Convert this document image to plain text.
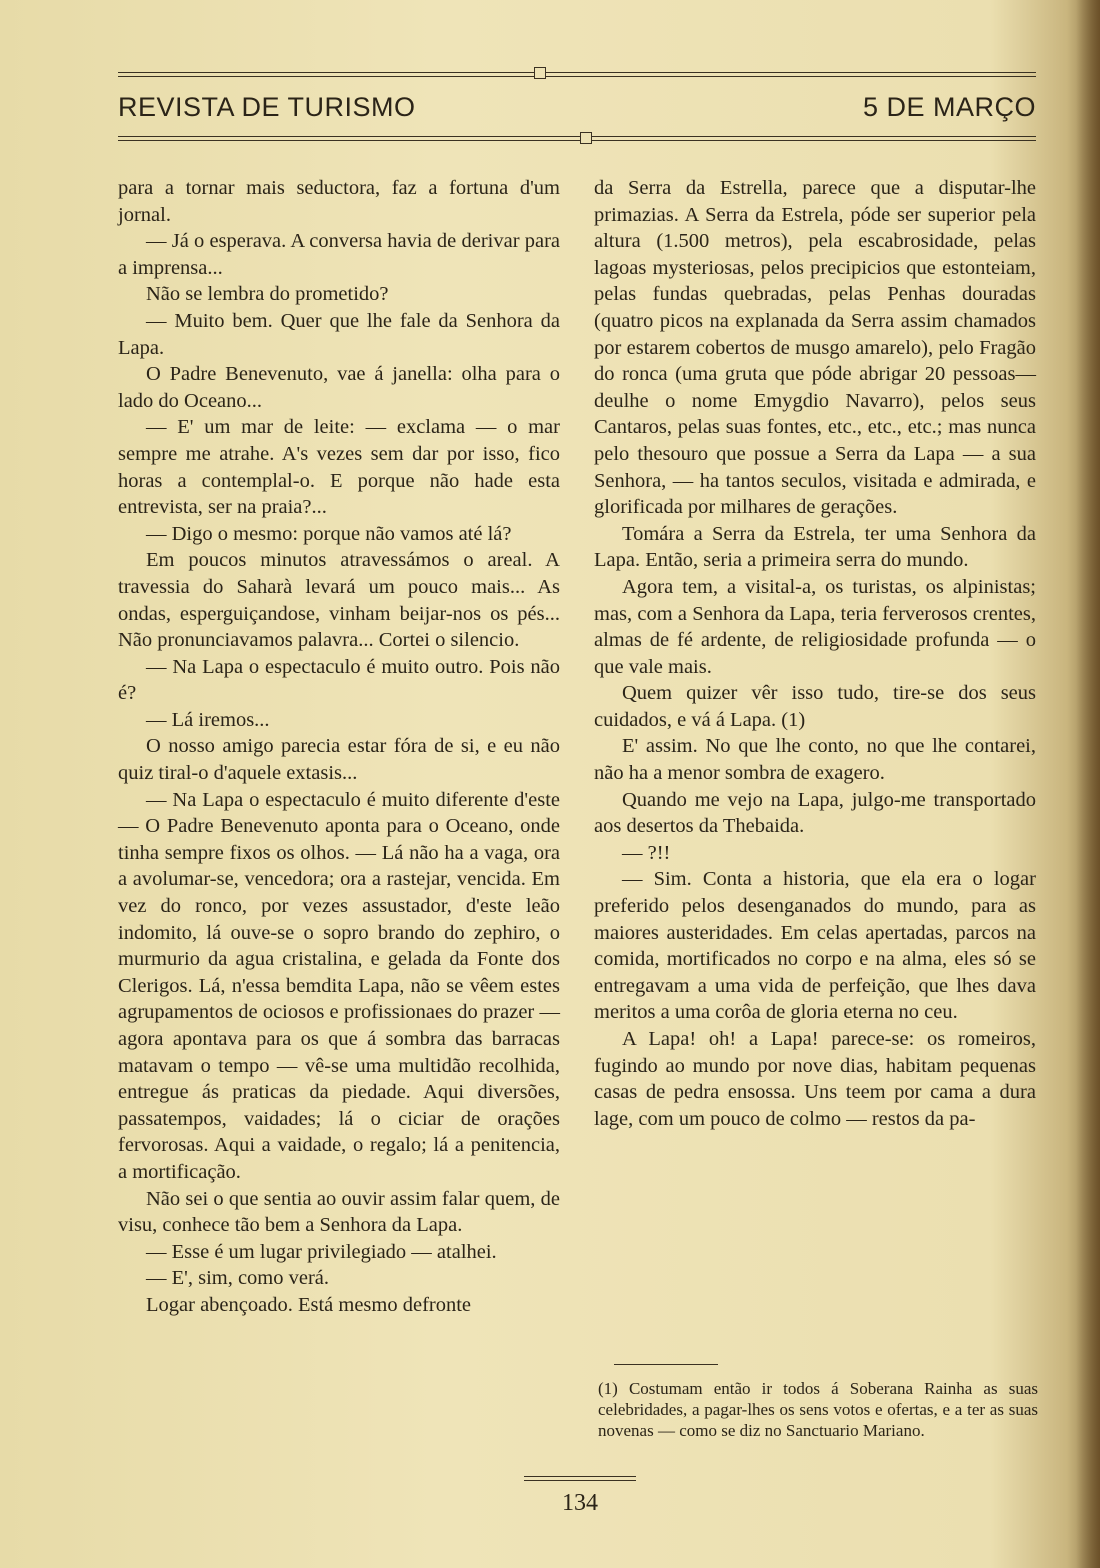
REVISTA DE TURISMO	5 DE MARÇO

para a tornar mais seductora, faz a fortuna d'um jornal.

— Já o esperava. A conversa havia de derivar para a imprensa...

Não se lembra do prometido?

— Muito bem. Quer que lhe fale da Senhora da Lapa.

O Padre Benevenuto, vae á janella: olha para o lado do Oceano...

— E' um mar de leite: — exclama — o mar sempre me atrahe. A's vezes sem dar por isso, fico horas a contemplal-o. E porque não hade esta entrevista, ser na praia?...

— Digo o mesmo: porque não vamos até lá?

Em poucos minutos atravessámos o areal. A travessia do Saharà levará um pouco mais... As ondas, esperguiçandose, vinham beijar-nos os pés... Não pronunciavamos palavra... Cortei o silencio.

— Na Lapa o espectaculo é muito outro. Pois não é?

— Lá iremos...

O nosso amigo parecia estar fóra de si, e eu não quiz tiral-o d'aquele extasis...

— Na Lapa o espectaculo é muito diferente d'este — O Padre Benevenuto aponta para o Oceano, onde tinha sempre fixos os olhos. — Lá não ha a vaga, ora a avolumar-se, vencedora; ora a rastejar, vencida. Em vez do ronco, por vezes assustador, d'este leão indomito, lá ouve-se o sopro brando do zephiro, o murmurio da agua cristalina, e gelada da Fonte dos Clerigos. Lá, n'essa bemdita Lapa, não se vêem estes agrupamentos de ociosos e profissionaes do prazer — agora apontava para os que á sombra das barracas matavam o tempo — vê-se uma multidão recolhida, entregue ás praticas da piedade. Aqui diversões, passatempos, vaidades; lá o ciciar de orações fervorosas. Aqui a vaidade, o regalo; lá a penitencia, a mortificação.

Não sei o que sentia ao ouvir assim falar quem, de visu, conhece tão bem a Senhora da Lapa.

— Esse é um lugar privilegiado — atalhei.

— E', sim, como verá.

Logar abençoado. Está mesmo defronte

da Serra da Estrella, parece que a disputar-lhe primazias. A Serra da Estrela, póde ser superior pela altura (1.500 metros), pela escabrosidade, pelas lagoas mysteriosas, pelos precipicios que estonteiam, pelas fundas quebradas, pelas Penhas douradas (quatro picos na explanada da Serra assim chamados por estarem cobertos de musgo amarelo), pelo Fragão do ronca (uma gruta que póde abrigar 20 pessoas—deulhe o nome Emygdio Navarro), pelos seus Cantaros, pelas suas fontes, etc., etc., etc.; mas nunca pelo thesouro que possue a Serra da Lapa — a sua Senhora, — ha tantos seculos, visitada e admirada, e glorificada por milhares de gerações.

Tomára a Serra da Estrela, ter uma Senhora da Lapa. Então, seria a primeira serra do mundo.

Agora tem, a visital-a, os turistas, os alpinistas; mas, com a Senhora da Lapa, teria ferverosos crentes, almas de fé ardente, de religiosidade profunda — o que vale mais.

Quem quizer vêr isso tudo, tire-se dos seus cuidados, e vá á Lapa. (1)

E' assim. No que lhe conto, no que lhe contarei, não ha a menor sombra de exagero.

Quando me vejo na Lapa, julgo-me transportado aos desertos da Thebaida.

— ?!!

— Sim. Conta a historia, que ela era o logar preferido pelos desenganados do mundo, para as maiores austeridades. Em celas apertadas, parcos na comida, mortificados no corpo e na alma, eles só se entregavam a uma vida de perfeição, que lhes dava meritos a uma corôa de gloria eterna no ceu.

A Lapa! oh! a Lapa! parece-se: os romeiros, fugindo ao mundo por nove dias, habitam pequenas casas de pedra ensossa. Uns teem por cama a dura lage, com um pouco de colmo — restos da pa-

(1) Costumam então ir todos á Soberana Rainha as suas celebridades, a pagar-lhes os sens votos e ofertas, e a ter as suas novenas — como se diz no Sanctuario Mariano.
134
